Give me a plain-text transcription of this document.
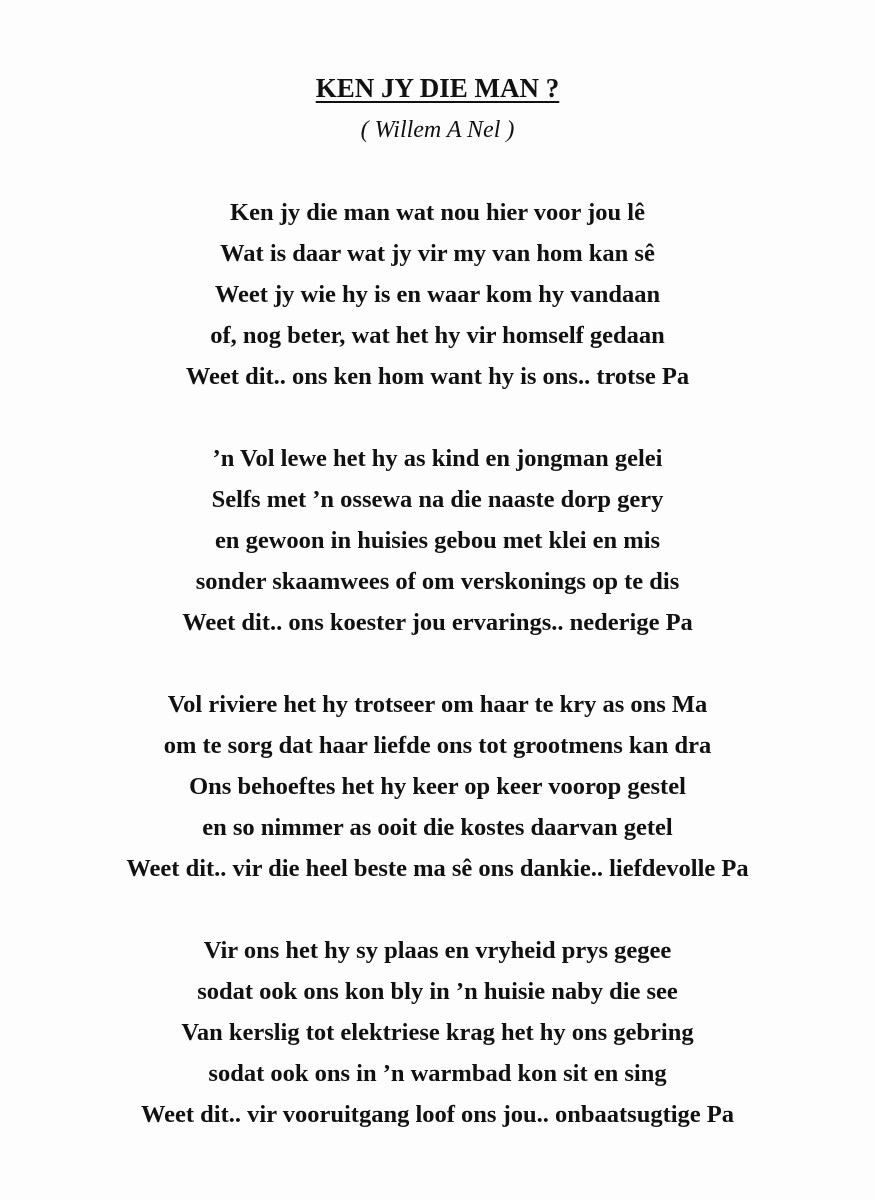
KEN JY DIE MAN ?
( Willem A Nel )
Ken jy die man wat nou hier voor jou lê
Wat is daar wat jy vir my van hom kan sê
Weet jy wie hy is en waar kom hy vandaan
of, nog beter, wat het hy vir homself gedaan
Weet dit.. ons ken hom want hy is ons.. trotse Pa
’n Vol lewe het hy as kind en jongman gelei
Selfs met ’n ossewa na die naaste dorp gery
en gewoon in huisies gebou met klei en mis
sonder skaamwees of om verskonings op te dis
Weet dit.. ons koester jou ervarings.. nederige Pa
Vol riviere het hy trotseer om haar te kry as ons Ma
om te sorg dat haar liefde ons tot grootmens kan dra
Ons behoeftes het hy keer op keer voorop gestel
en so nimmer as ooit die kostes daarvan getel
Weet dit.. vir die heel beste ma sê ons dankie.. liefdevolle Pa
Vir ons het hy sy plaas en vryheid prys gegee
sodat ook ons kon bly in ’n huisie naby die see
Van kerslig tot elektriese krag het hy ons gebring
sodat ook ons in ’n warmbad kon sit en sing
Weet dit.. vir vooruitgang loof ons jou.. onbaatsugtige Pa
